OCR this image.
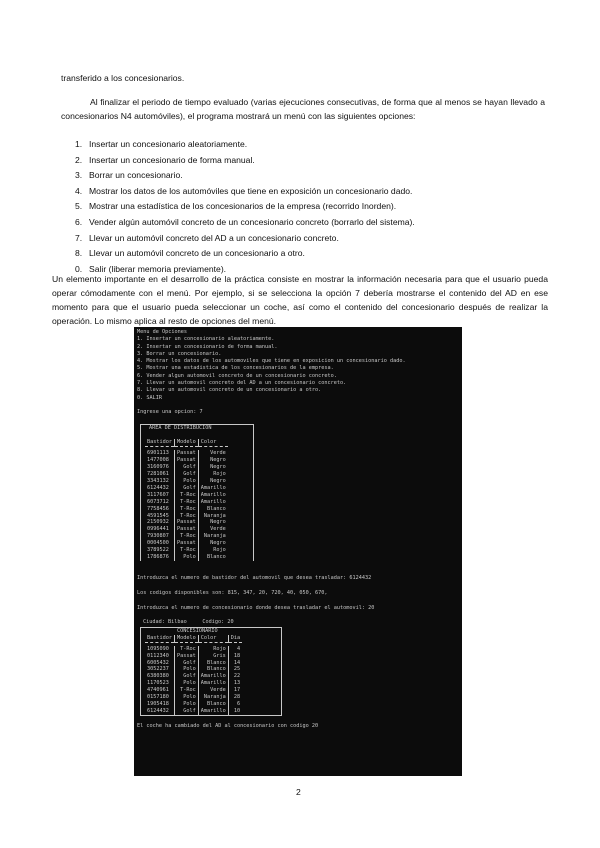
transferido a los concesionarios.
Al finalizar el periodo de tiempo evaluado (varias ejecuciones consecutivas, de forma que al menos se hayan llevado a concesionarios N4 automóviles), el programa mostrará un menú con las siguientes opciones:
1. Insertar un concesionario aleatoriamente.
2. Insertar un concesionario de forma manual.
3. Borrar un concesionario.
4. Mostrar los datos de los automóviles que tiene en exposición un concesionario dado.
5. Mostrar una estadística de los concesionarios de la empresa (recorrido Inorden).
6. Vender algún automóvil concreto de un concesionario concreto (borrarlo del sistema).
7. Llevar un automóvil concreto del AD a un concesionario concreto.
8. Llevar un automóvil concreto de un concesionario a otro.
0. Salir (liberar memoria previamente).
Un elemento importante en el desarrollo de la práctica consiste en mostrar la información necesaria para que el usuario pueda operar cómodamente con el menú. Por ejemplo, si se selecciona la opción 7 debería mostrarse el contenido del AD en ese momento para que el usuario pueda seleccionar un coche, así como el contenido del concesionario después de realizar la operación. Lo mismo aplica al resto de opciones del menú.
Menu de Opciones
1. Insertar un concesionario aleatoriamente.
2. Insertar un concesionario de forma manual.
3. Borrar un concesionario.
4. Mostrar los datos de los automoviles que tiene en exposicion un concesionario dado.
5. Mostrar una estadistica de los concesionarios de la empresa.
6. Vender algun automovil concreto de un concesionario concreto.
7. Llevar un automovil concreto del AD a un concesionario concreto.
8. Llevar un automovil concreto de un concesionario a otro.
0. SALIR
Ingrese una opcion: 7
AREA DE DISTRIBUCION
Bastidor	Modelo	Color

6901113	Passat	Verde
1477008	Passat	Negro
3160976	Golf	Negro
7281061	Golf	Rojo
3343132	Polo	Negro
6124432	Golf	Amarillo
3117607	T-Roc	Amarillo
6073712	T-Roc	Amarillo
7758456	T-Roc	Blanco
4591545	T-Roc	Naranja
2150932	Passat	Negro
0996441	Passat	Verde
7930807	T-Roc	Naranja
0004500	Passat	Negro
3789522	T-Roc	Rojo
1786876	Polo	Blanco
Introduzca el numero de bastidor del automovil que desea trasladar: 6124432
Los codigos disponibles son: 815, 347, 20, 720, 40, 050, 670,
Introduzca el numero de concesionario donde desea trasladar el automovil: 20
Ciudad: Bilbao     Codigo: 20
CONCESIONARIO
Bastidor	Modelo	Color	Dia

1095090	T-Roc	Rojo	4
0112340	Passat	Gris	18
6005432	Golf	Blanco	14
3052237	Polo	Blanco	25
6380380	Golf	Amarillo	22
1170523	Polo	Amarillo	13
4740961	T-Roc	Verde	17
0157180	Polo	Naranja	28
1905418	Polo	Blanco	6
6124432	Golf	Amarillo	10
El coche ha cambiado del AD al concesionario con codigo 20
2
